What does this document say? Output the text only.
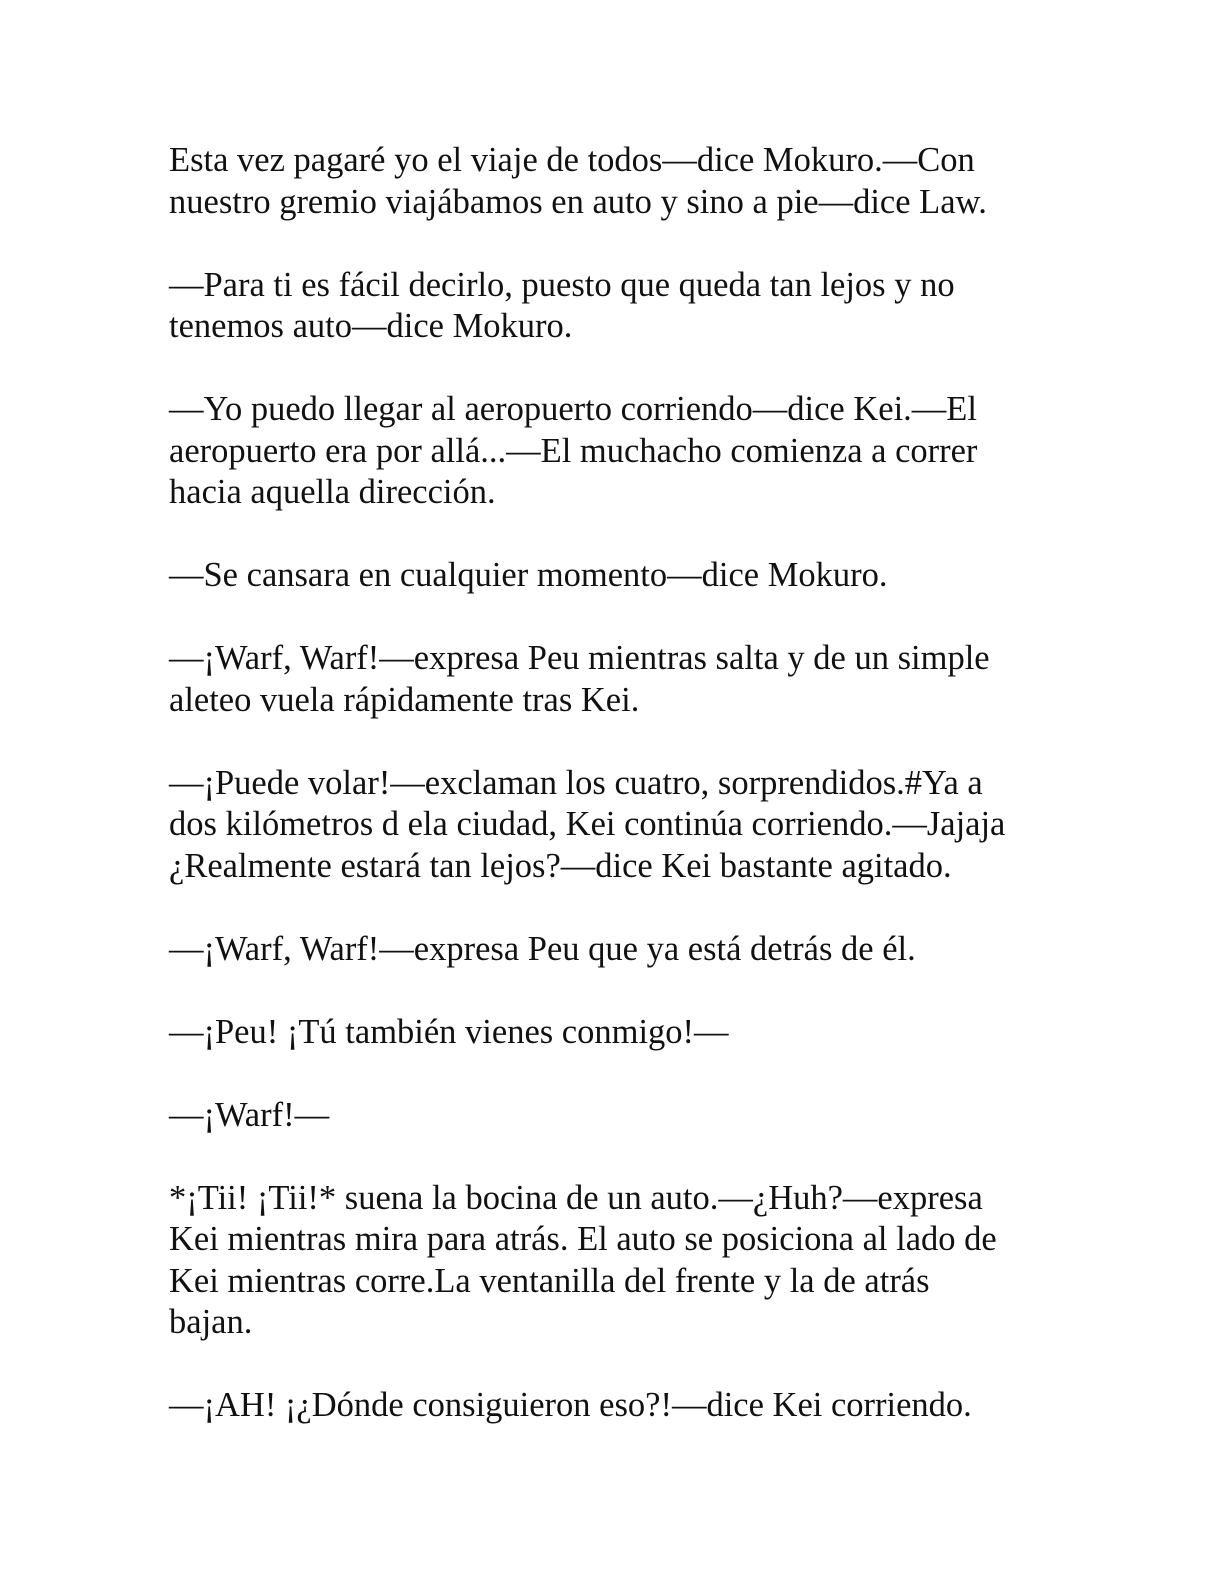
Esta vez pagaré yo el viaje de todos—dice Mokuro.—Con
nuestro gremio viajábamos en auto y sino a pie—dice Law.

—Para ti es fácil decirlo, puesto que queda tan lejos y no
tenemos auto—dice Mokuro.

—Yo puedo llegar al aeropuerto corriendo—dice Kei.—El
aeropuerto era por allá...—El muchacho comienza a correr
hacia aquella dirección.

—Se cansara en cualquier momento—dice Mokuro.

—¡Warf, Warf!—expresa Peu mientras salta y de un simple
aleteo vuela rápidamente tras Kei.

—¡Puede volar!—exclaman los cuatro, sorprendidos.#Ya a
dos kilómetros d ela ciudad, Kei continúa corriendo.—Jajaja
¿Realmente estará tan lejos?—dice Kei bastante agitado.

—¡Warf, Warf!—expresa Peu que ya está detrás de él.

—¡Peu! ¡Tú también vienes conmigo!—

—¡Warf!—

*¡Tii! ¡Tii!* suena la bocina de un auto.—¿Huh?—expresa
Kei mientras mira para atrás. El auto se posiciona al lado de
Kei mientras corre.La ventanilla del frente y la de atrás
bajan.

—¡AH! ¡¿Dónde consiguieron eso?!—dice Kei corriendo.
